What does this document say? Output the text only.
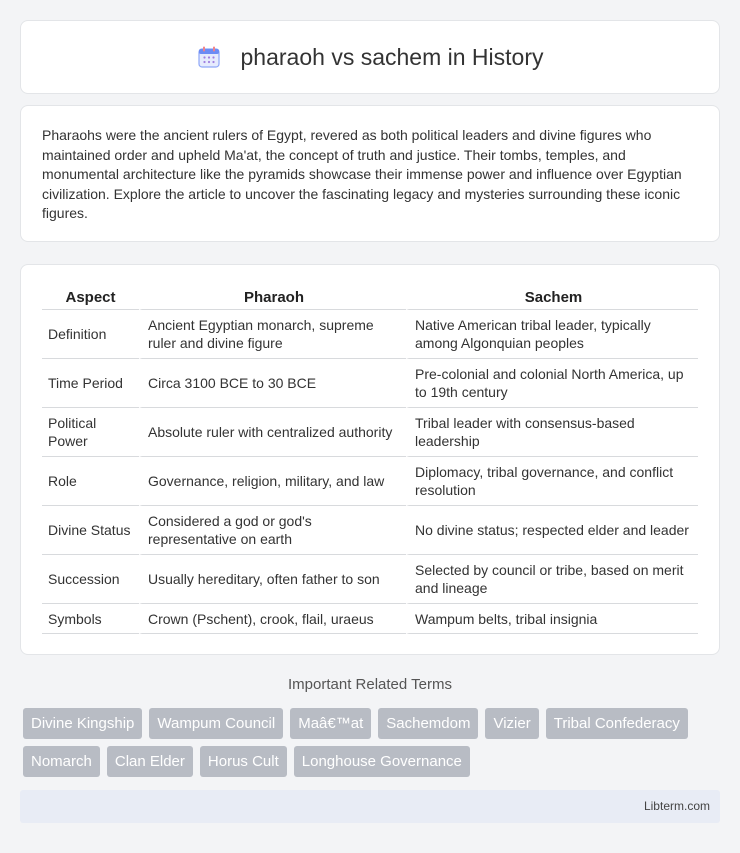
pharaoh vs sachem in History

Pharaohs were the ancient rulers of Egypt, revered as both political leaders and divine figures who maintained order and upheld Ma'at, the concept of truth and justice. Their tombs, temples, and monumental architecture like the pyramids showcase their immense power and influence over Egyptian civilization. Explore the article to uncover the fascinating legacy and mysteries surrounding these iconic figures.

Aspect	Pharaoh	Sachem
Definition	Ancient Egyptian monarch, supreme ruler and divine figure	Native American tribal leader, typically among Algonquian peoples
Time Period	Circa 3100 BCE to 30 BCE	Pre-colonial and colonial North America, up to 19th century
Political Power	Absolute ruler with centralized authority	Tribal leader with consensus-based leadership
Role	Governance, religion, military, and law	Diplomacy, tribal governance, and conflict resolution
Divine Status	Considered a god or god's representative on earth	No divine status; respected elder and leader
Succession	Usually hereditary, often father to son	Selected by council or tribe, based on merit and lineage
Symbols	Crown (Pschent), crook, flail, uraeus	Wampum belts, tribal insignia
Important Related Terms
Divine Kingship	Wampum Council	Maâ€™at	Sachemdom	Vizier	Tribal Confederacy
Nomarch	Clan Elder	Horus Cult	Longhouse Governance
Libterm.com
